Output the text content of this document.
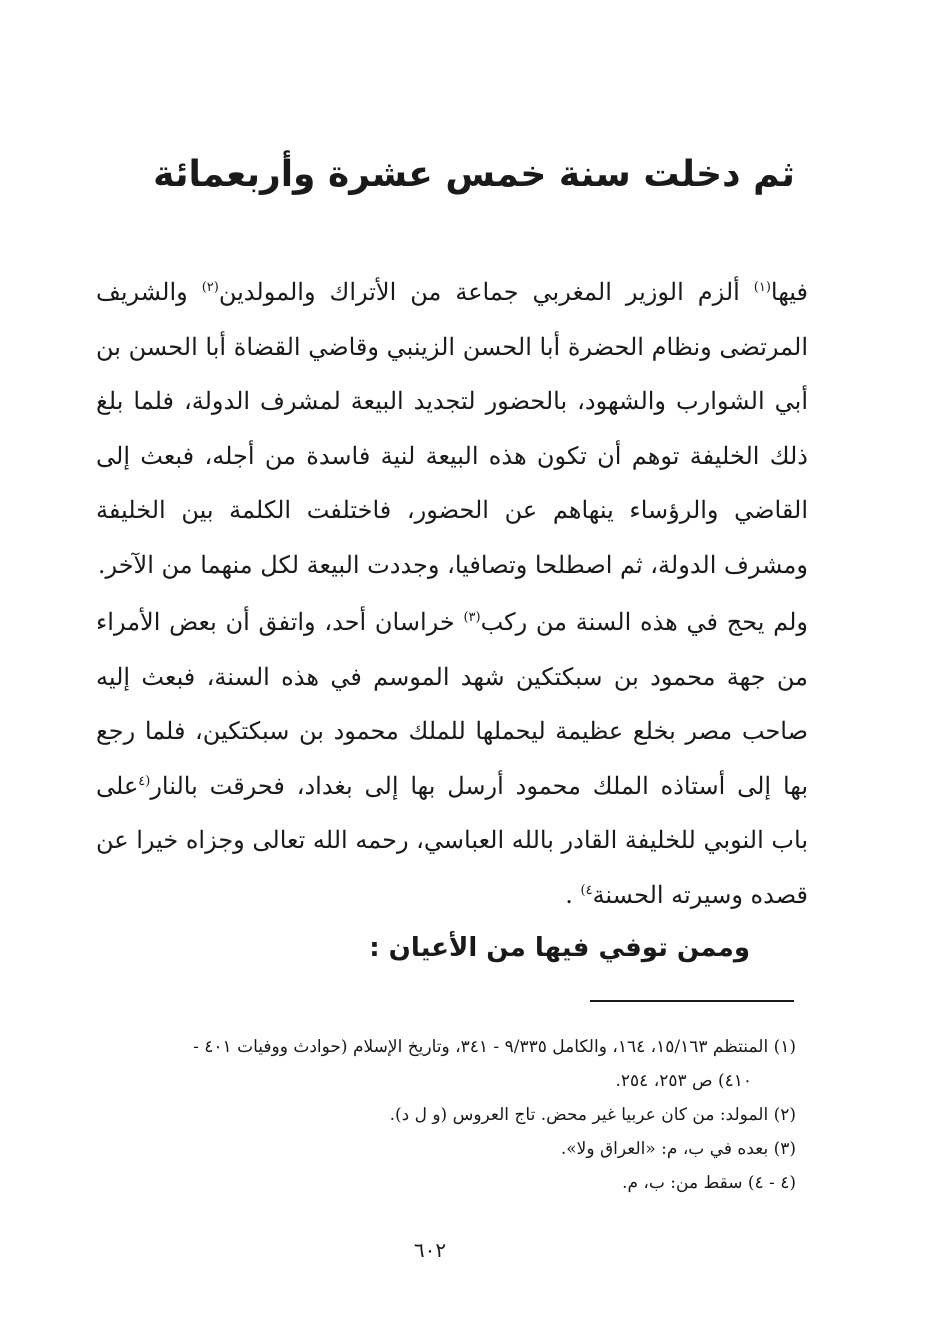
ثم دخلت سنة خمس عشرة وأربعمائة

فيها$^{(١)}$ ألزم الوزير المغربي جماعة من الأتراك والمولدين$^{(٢)}$ والشريف المرتضى ونظام الحضرة أبا الحسن الزينبي وقاضي القضاة أبا الحسن بن أبي الشوارب والشهود، بالحضور لتجديد البيعة لمشرف الدولة، فلما بلغ ذلك الخليفة توهم أن تكون هذه البيعة لنية فاسدة من أجله، فبعث إلى القاضي والرؤساء ينهاهم عن الحضور، فاختلفت الكلمة بين الخليفة ومشرف الدولة، ثم اصطلحا وتصافيا، وجددت البيعة لكل منهما من الآخر.

ولم يحج في هذه السنة من ركب$^{(٣)}$ خراسان أحد، واتفق أن بعض الأمراء من جهة محمود بن سبكتكين شهد الموسم في هذه السنة، فبعث إليه صاحب مصر بخلع عظيمة ليحملها للملك محمود بن سبكتكين، فلما رجع بها إلى أستاذه الملك محمود أرسل بها إلى بغداد، فحرقت بالنار$^{(٤}$على باب النوبي للخليفة القادر بالله العباسي، رحمه الله تعالى وجزاه خيرا عن قصده وسيرته الحسنة$^{٤)}$ .

وممن توفي فيها من الأعيان :
(١) المنتظم ١٥/١٦٣، ١٦٤، والكامل ٩/٣٣٥ - ٣٤١، وتاريخ الإسلام (حوادث ووفيات ٤٠١ -
٤١٠) ص ٢٥٣، ٢٥٤.
(٢) المولد: من كان عربيا غير محض. تاج العروس (و ل د).
(٣) بعده في ب، م: «العراق ولا».
(٤ - ٤) سقط من: ب، م.
٦٠٢
